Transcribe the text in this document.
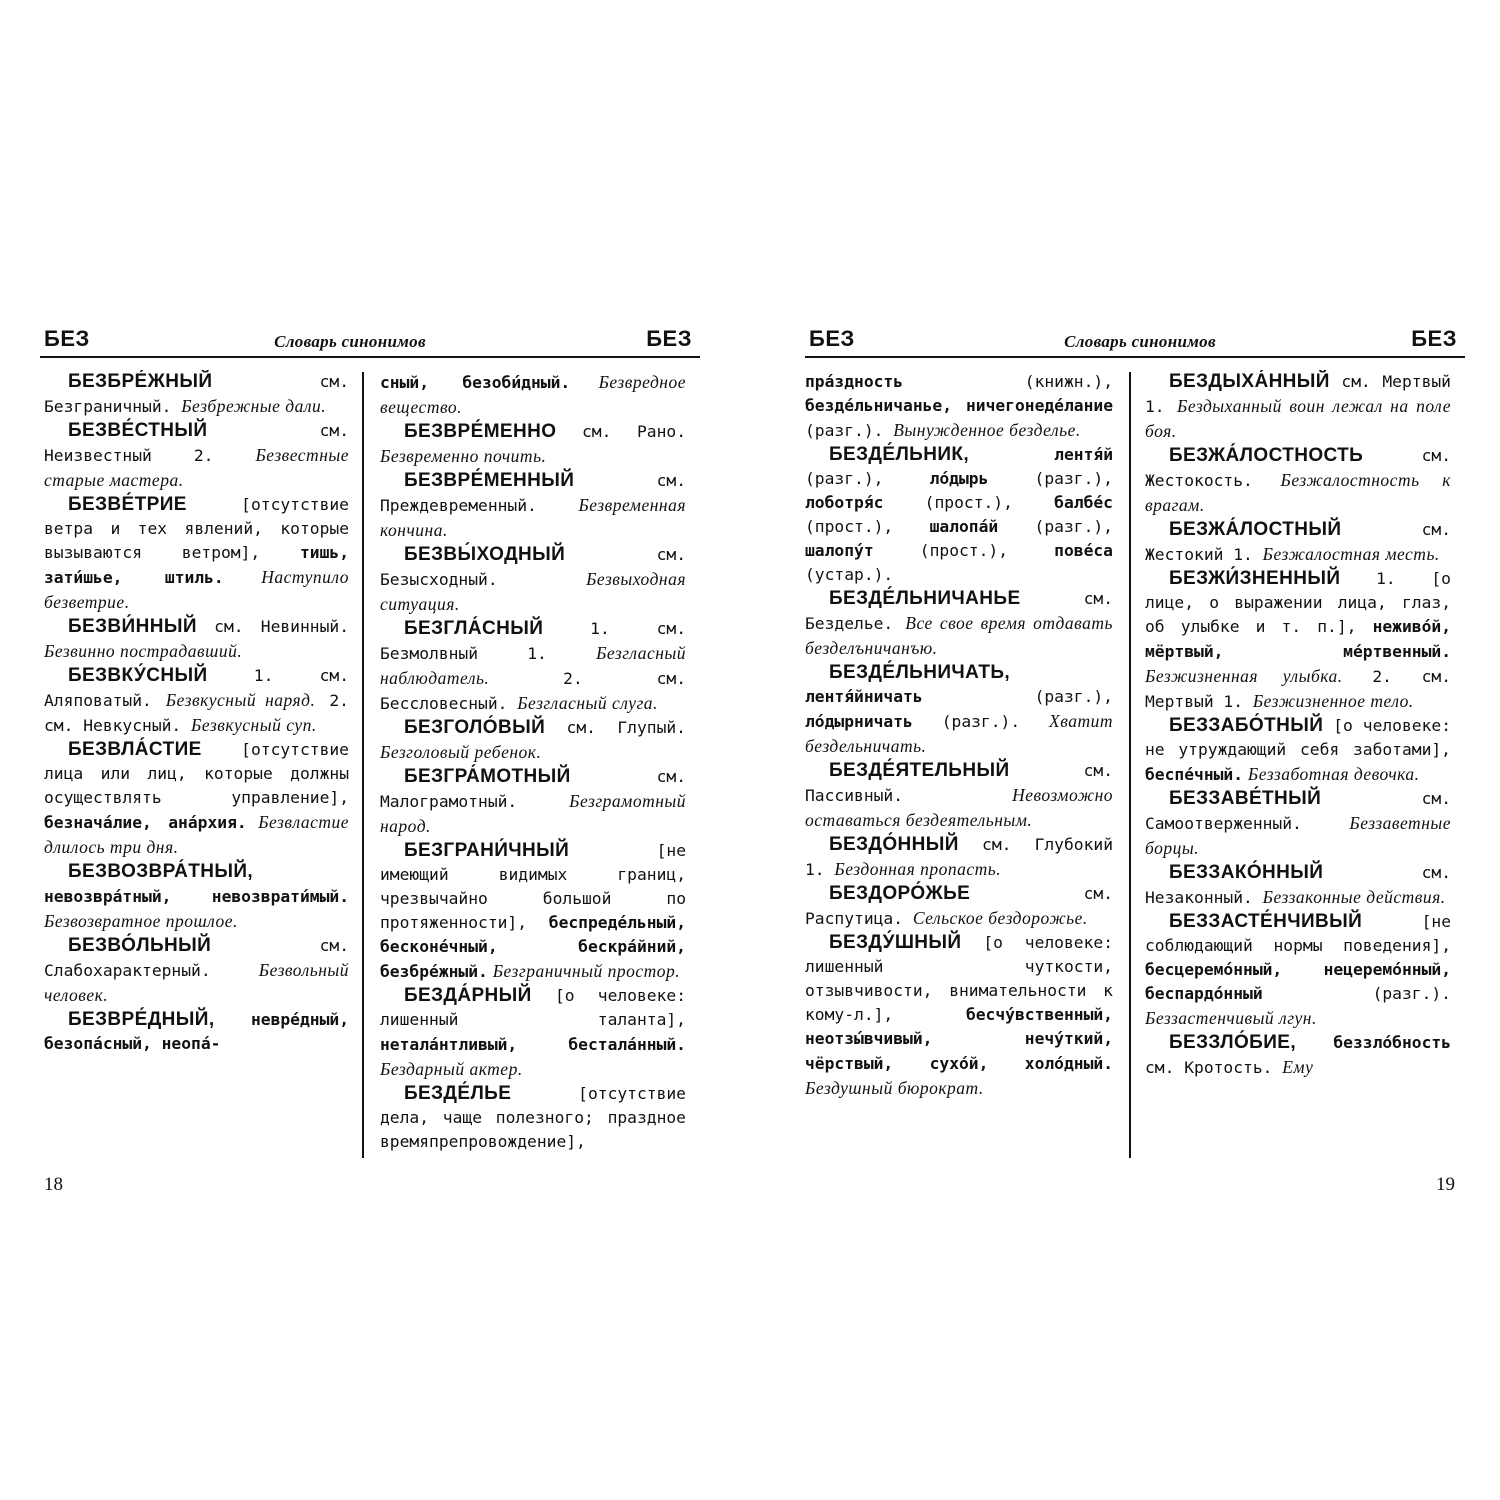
БЕЗ	Словарь синонимов	БЕЗ

БЕЗБРЕ́ЖНЫЙ см. Безграничный. Безбрежные дали.

БЕЗВЕ́СТНЫЙ см. Неизвестный 2. Безвестные старые мастера.

БЕЗВЕ́ТРИЕ [отсутствие ветра и тех явлений, которые вызываются ветром], тишь, зати́шье, штиль. Наступило безветрие.

БЕЗВИ́ННЫЙ см. Невинный. Безвинно пострадавший.

БЕЗВКУ́СНЫЙ 1. см. Аляповатый. Безвкусный наряд. 2. см. Невкусный. Безвкусный суп.

БЕЗВЛА́СТИЕ [отсутствие лица или лиц, которые должны осуществлять управление], безнача́лие, ана́рхия. Безвластие длилось три дня.

БЕЗВОЗВРА́ТНЫЙ, невозвра́тный, невозврати́мый. Безвозвратное прошлое.

БЕЗВО́ЛЬНЫЙ см. Слабохарактерный. Безвольный человек.

БЕЗВРЕ́ДНЫЙ, невре́дный, безопа́сный, неопа́-

сный, безоби́дный. Безвредное вещество.

БЕЗВРЕ́МЕННО см. Рано. Безвременно почить.

БЕЗВРЕ́МЕННЫЙ см. Преждевременный. Безвременная кончина.

БЕЗВЫ́ХОДНЫЙ см. Безысходный. Безвыходная ситуация.

БЕЗГЛА́СНЫЙ 1. см. Безмолвный 1. Безгласный наблюдатель. 2. см. Бессловесный. Безгласный слуга.

БЕЗГОЛО́ВЫЙ см. Глупый. Безголовый ребенок.

БЕЗГРА́МОТНЫЙ см. Малограмотный. Безграмотный народ.

БЕЗГРАНИ́ЧНЫЙ [не имеющий видимых границ, чрезвычайно большой по протяженности], беспреде́льный, бесконе́чный, бескра́йний, безбре́жный. Безграничный простор.

БЕЗДА́РНЫЙ [о человеке: лишенный таланта], нетала́нтливый, бестала́нный. Бездарный актер.

БЕЗДЕ́ЛЬЕ [отсутствие дела, чаще полезного; праздное времяпрепровождение],

18
БЕЗ	Словарь синонимов	БЕЗ

пра́здность (книжн.), безде́льничанье, ничегонеде́лание (разг.). Вынужденное безделье.

БЕЗДЕ́ЛЬНИК, лентя́й (разг.), ло́дырь (разг.), лоботря́с (прост.), балбе́с (прост.), шалопа́й (разг.), шалопу́т (прост.), пове́са (устар.).

БЕЗДЕ́ЛЬНИЧАНЬЕ см. Безделье. Все свое время отдавать безделъничанъю.

БЕЗДЕ́ЛЬНИЧАТЬ, лентя́йничать (разг.), ло́дырничать (разг.). Хватит бездельничать.

БЕЗДЕ́ЯТЕЛЬНЫЙ см. Пассивный. Невозможно оставаться бездеятельным.

БЕЗДО́ННЫЙ см. Глубокий 1. Бездонная пропасть.

БЕЗДОРО́ЖЬЕ см. Распутица. Сельское бездорожье.

БЕЗДУ́ШНЫЙ [о человеке: лишенный чуткости, отзывчивости, внимательности к кому-л.], бесчу́вственный, неотзы́вчивый, нечу́ткий, чёрствый, сухо́й, холо́дный. Бездушный бюрократ.

БЕЗДЫХА́ННЫЙ см. Мертвый 1. Бездыханный воин лежал на поле боя.

БЕЗЖА́ЛОСТНОСТЬ см. Жестокость. Безжалостность к врагам.

БЕЗЖА́ЛОСТНЫЙ см. Жестокий 1. Безжалостная месть.

БЕЗЖИ́ЗНЕННЫЙ 1. [о лице, о выражении лица, глаз, об улыбке и т. п.], неживо́й, мёртвый, ме́ртвенный. Безжизненная улыбка. 2. см. Мертвый 1. Безжизненное тело.

БЕЗЗАБО́ТНЫЙ [о человеке: не утруждающий себя заботами], беспе́чный. Беззаботная девочка.

БЕЗЗАВЕ́ТНЫЙ см. Самоотверженный. Беззаветные борцы.

БЕЗЗАКО́ННЫЙ см. Незаконный. Беззаконные действия.

БЕЗЗАСТЕ́НЧИВЫЙ [не соблюдающий нормы поведения], бесцеремо́нный, нецеремо́нный, беспардо́нный (разг.). Беззастенчивый лгун.

БЕЗЗЛО́БИЕ, беззло́бность см. Кротость. Ему

19
